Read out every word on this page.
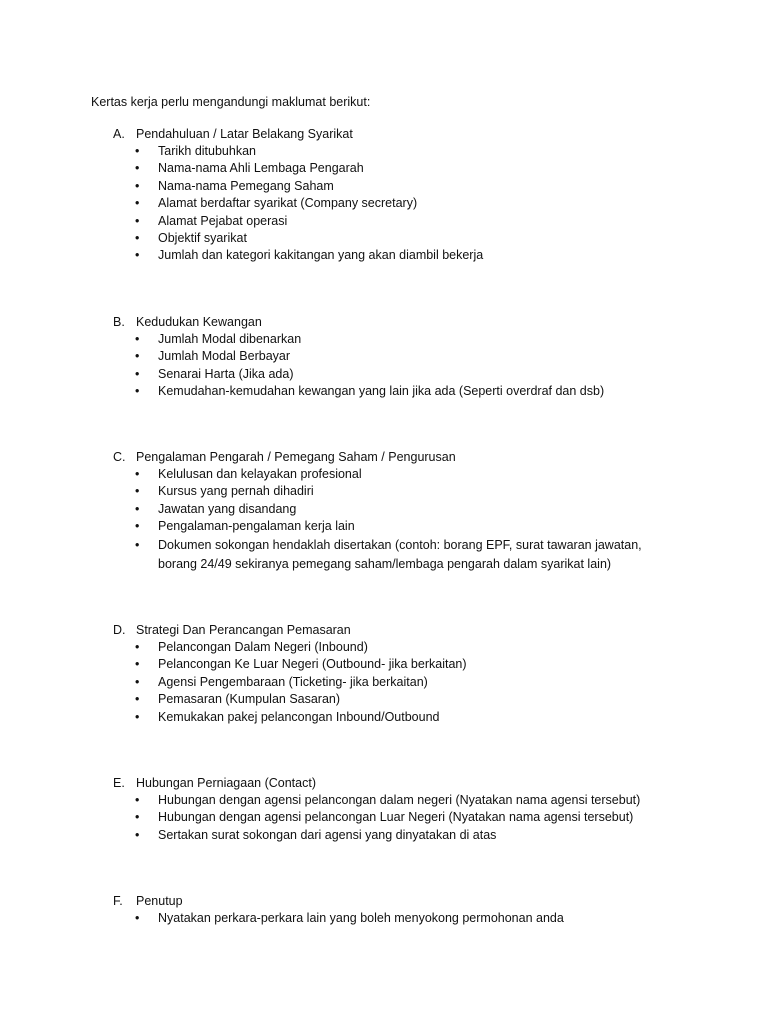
Kertas kerja perlu mengandungi maklumat berikut:
A. Pendahuluan / Latar Belakang Syarikat
•
Tarikh ditubuhkan
•
Nama-nama Ahli Lembaga Pengarah
•
Nama-nama Pemegang Saham
•
Alamat berdaftar syarikat (Company secretary)
•
Alamat Pejabat operasi
•
Objektif syarikat
•
Jumlah dan kategori kakitangan yang akan diambil bekerja
B. Kedudukan Kewangan
•
Jumlah Modal dibenarkan
•
Jumlah Modal Berbayar
•
Senarai Harta (Jika ada)
•
Kemudahan-kemudahan kewangan yang lain jika ada (Seperti overdraf dan dsb)
C. Pengalaman Pengarah / Pemegang Saham / Pengurusan
•
Kelulusan dan kelayakan profesional
•
Kursus yang pernah dihadiri
•
Jawatan yang disandang
•
Pengalaman-pengalaman kerja lain
•
Dokumen sokongan hendaklah disertakan (contoh: borang EPF, surat tawaran jawatan, borang 24/49 sekiranya pemegang saham/lembaga pengarah dalam syarikat lain)
D. Strategi Dan Perancangan Pemasaran
•
Pelancongan Dalam Negeri (Inbound)
•
Pelancongan Ke Luar Negeri (Outbound- jika berkaitan)
•
Agensi Pengembaraan (Ticketing- jika berkaitan)
•
Pemasaran (Kumpulan Sasaran)
•
Kemukakan pakej pelancongan Inbound/Outbound
E. Hubungan Perniagaan (Contact)
•
Hubungan dengan agensi pelancongan dalam negeri (Nyatakan nama agensi tersebut)
•
Hubungan dengan agensi pelancongan Luar Negeri (Nyatakan nama agensi tersebut)
•
Sertakan surat sokongan dari agensi yang dinyatakan di atas
F. Penutup
•
Nyatakan perkara-perkara lain yang boleh menyokong permohonan anda
